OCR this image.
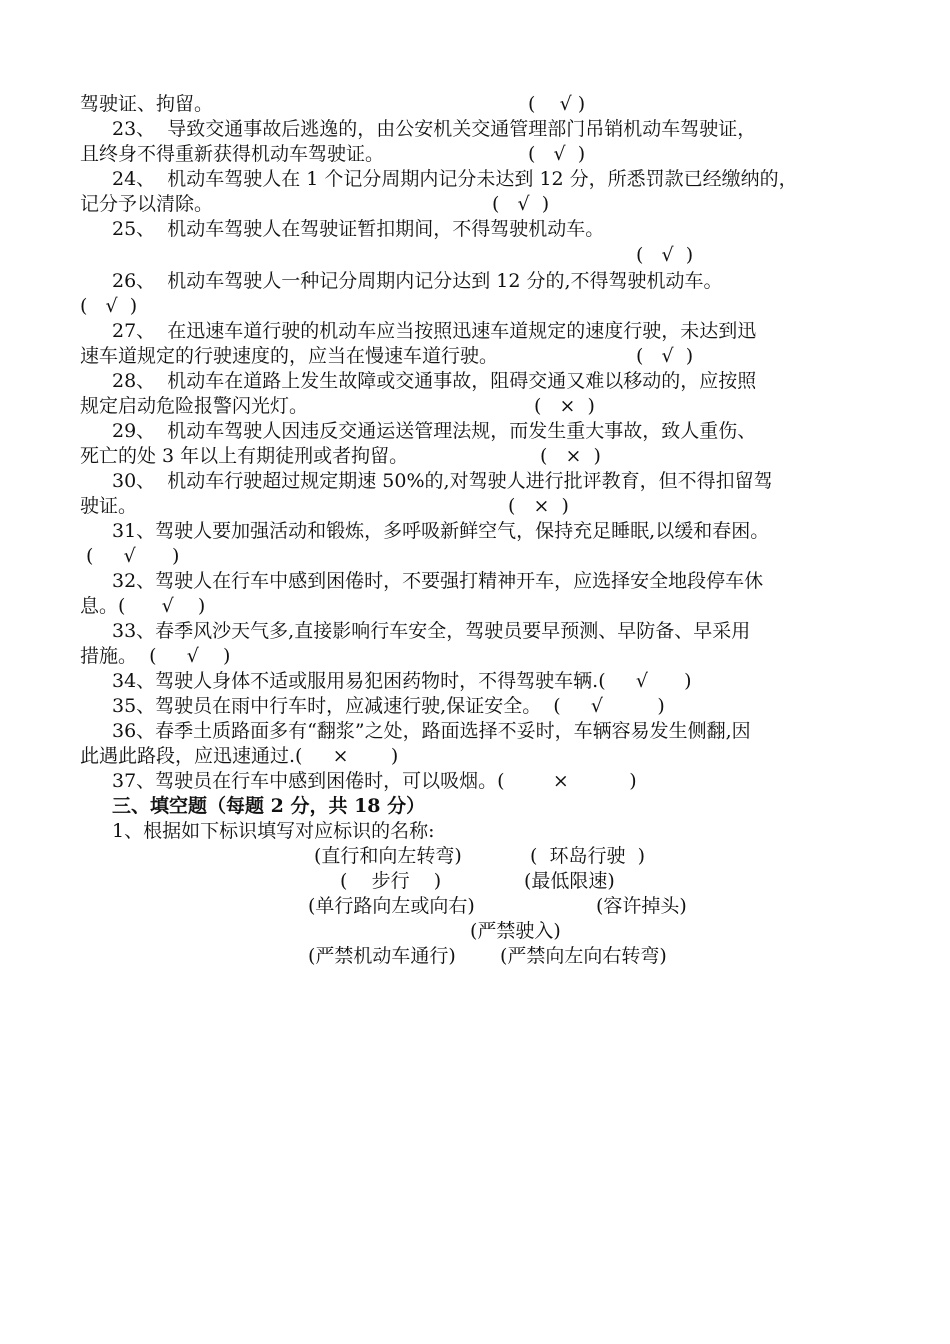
驾驶证、拘留。	(    √ )
23、  导致交通事故后逃逸的，由公安机关交通管理部门吊销机动车驾驶证，
且终身不得重新获得机动车驾驶证。	(   √  )
24、  机动车驾驶人在 1 个记分周期内记分未达到 12 分，所悉罚款已经缴纳的，
记分予以清除。	(   √  )
25、  机动车驾驶人在驾驶证暂扣期间，不得驾驶机动车。
(   √  )
26、  机动车驾驶人一种记分周期内记分达到 12 分的,不得驾驶机动车。
(   √  )
27、  在迅速车道行驶的机动车应当按照迅速车道规定的速度行驶，未达到迅
速车道规定的行驶速度的，应当在慢速车道行驶。	(   √  )
28、  机动车在道路上发生故障或交通事故，阻碍交通又难以移动的，应按照
规定启动危险报警闪光灯。	(   ×  )
29、  机动车驾驶人因违反交通运送管理法规，而发生重大事故，致人重伤、
死亡的处 3 年以上有期徒刑或者拘留。	(   ×  )
30、  机动车行驶超过规定期速 50%的,对驾驶人进行批评教育，但不得扣留驾
驶证。	(   ×  )
31、驾驶人要加强活动和锻炼，多呼吸新鲜空气，保持充足睡眠,以缓和春困。
(     √      )
32、驾驶人在行车中感到困倦时，不要强打精神开车，应选择安全地段停车休
息。(      √    )
33、春季风沙天气多,直接影响行车安全，驾驶员要早预测、早防备、早采用
措施。  (     √    )
34、驾驶人身体不适或服用易犯困药物时，不得驾驶车辆.(     √      )
35、驾驶员在雨中行车时，应减速行驶,保证安全。  (     √         )
36、春季土质路面多有“翻浆”之处，路面选择不妥时，车辆容易发生侧翻,因
此遇此路段，应迅速通过.(     ×       )
37、驾驶员在行车中感到困倦时，可以吸烟。(        ×          )
三、填空题（每题 2 分，共 18 分）
1、根据如下标识填写对应标识的名称:
(直行和向左转弯)	(  环岛行驶  )
(    步行    )	(最低限速)
(单行路向左或向右)	(容许掉头)
(严禁驶入)
(严禁机动车通行) (严禁向左向右转弯)
